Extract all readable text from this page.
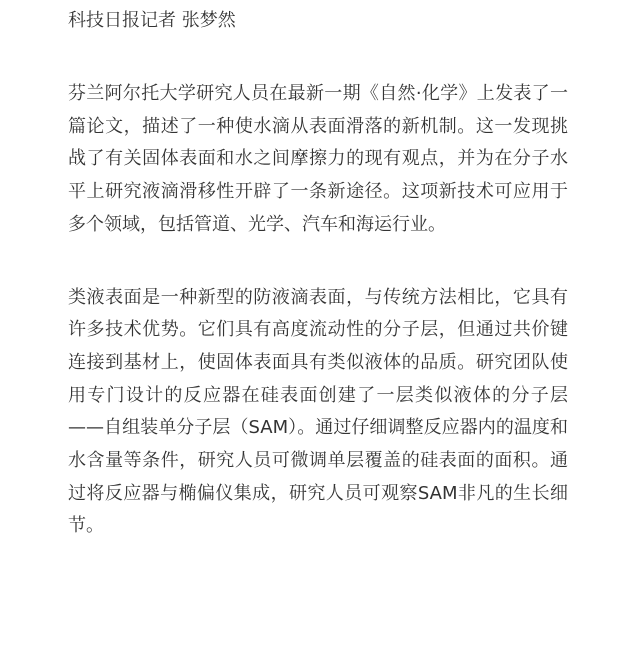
科技日报记者 张梦然

芬兰阿尔托大学研究人员在最新一期《自然·化学》上发表了一篇论文，描述了一种使水滴从表面滑落的新机制。这一发现挑战了有关固体表面和水之间摩擦力的现有观点，并为在分子水平上研究液滴滑移性开辟了一条新途径。这项新技术可应用于多个领域，包括管道、光学、汽车和海运行业。

类液表面是一种新型的防液滴表面，与传统方法相比，它具有许多技术优势。它们具有高度流动性的分子层，但通过共价键连接到基材上，使固体表面具有类似液体的品质。研究团队使用专门设计的反应器在硅表面创建了一层类似液体的分子层——自组装单分子层（SAM）。通过仔细调整反应器内的温度和水含量等条件，研究人员可微调单层覆盖的硅表面的面积。通过将反应器与椭偏仪集成，研究人员可观察SAM非凡的生长细节。
